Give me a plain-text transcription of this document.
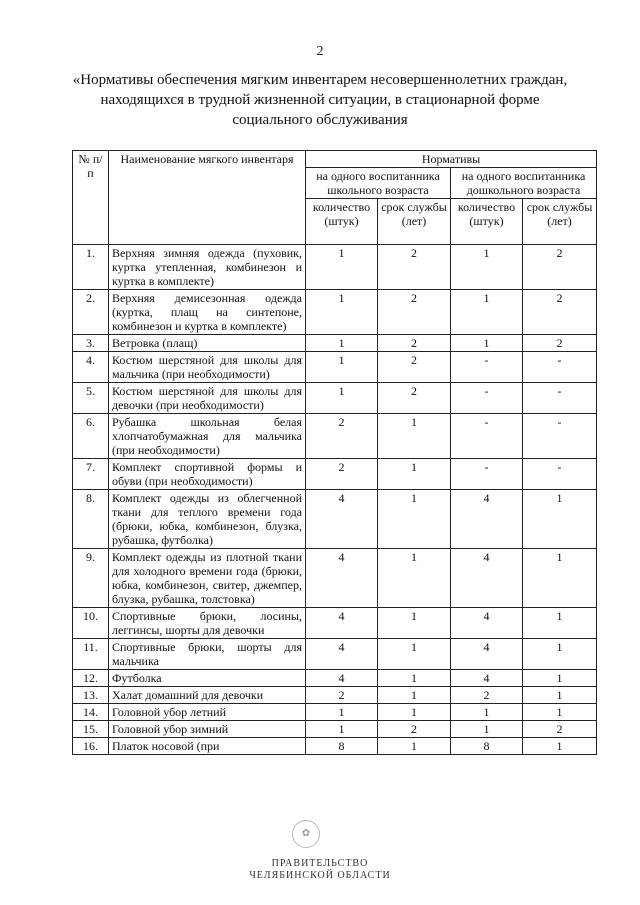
2
«Нормативы обеспечения мягким инвентарем несовершеннолетних граждан, находящихся в трудной жизненной ситуации, в стационарной форме социального обслуживания
№ п/п	Наименование мягкого инвентаря	Нормативы			
		на одного воспитанника школьного возраста		на одного воспитанника дошкольного возраста	
		количество (штук)	срок службы (лет)	количество (штук)	срок службы (лет)
1.	Верхняя зимняя одежда (пуховик, куртка утепленная, комбинезон и куртка в комплекте)	1	2	1	2
2.	Верхняя демисезонная одежда (куртка, плащ на синтепоне, комбинезон и куртка в комплекте)	1	2	1	2
3.	Ветровка (плащ)	1	2	1	2
4.	Костюм шерстяной для школы для мальчика (при необходимости)	1	2	-	-
5.	Костюм шерстяной для школы для девочки (при необходимости)	1	2	-	-
6.	Рубашка школьная белая хлопчатобумажная для мальчика (при необходимости)	2	1	-	-
7.	Комплект спортивной формы и обуви (при необходимости)	2	1	-	-
8.	Комплект одежды из облегченной ткани для теплого времени года (брюки, юбка, комбинезон, блузка, рубашка, футболка)	4	1	4	1
9.	Комплект одежды из плотной ткани для холодного времени года (брюки, юбка, комбинезон, свитер, джемпер, блузка, рубашка, толстовка)	4	1	4	1
10.	Спортивные брюки, лосины, леггинсы, шорты для девочки	4	1	4	1
11.	Спортивные брюки, шорты для мальчика	4	1	4	1
12.	Футболка	4	1	4	1
13.	Халат домашний для девочки	2	1	2	1
14.	Головной убор летний	1	1	1	1
15.	Головной убор зимний	1	2	1	2
16.	Платок носовой (при	8	1	8	1
✿
ПРАВИТЕЛЬСТВО
ЧЕЛЯБИНСКОЙ ОБЛАСТИ
